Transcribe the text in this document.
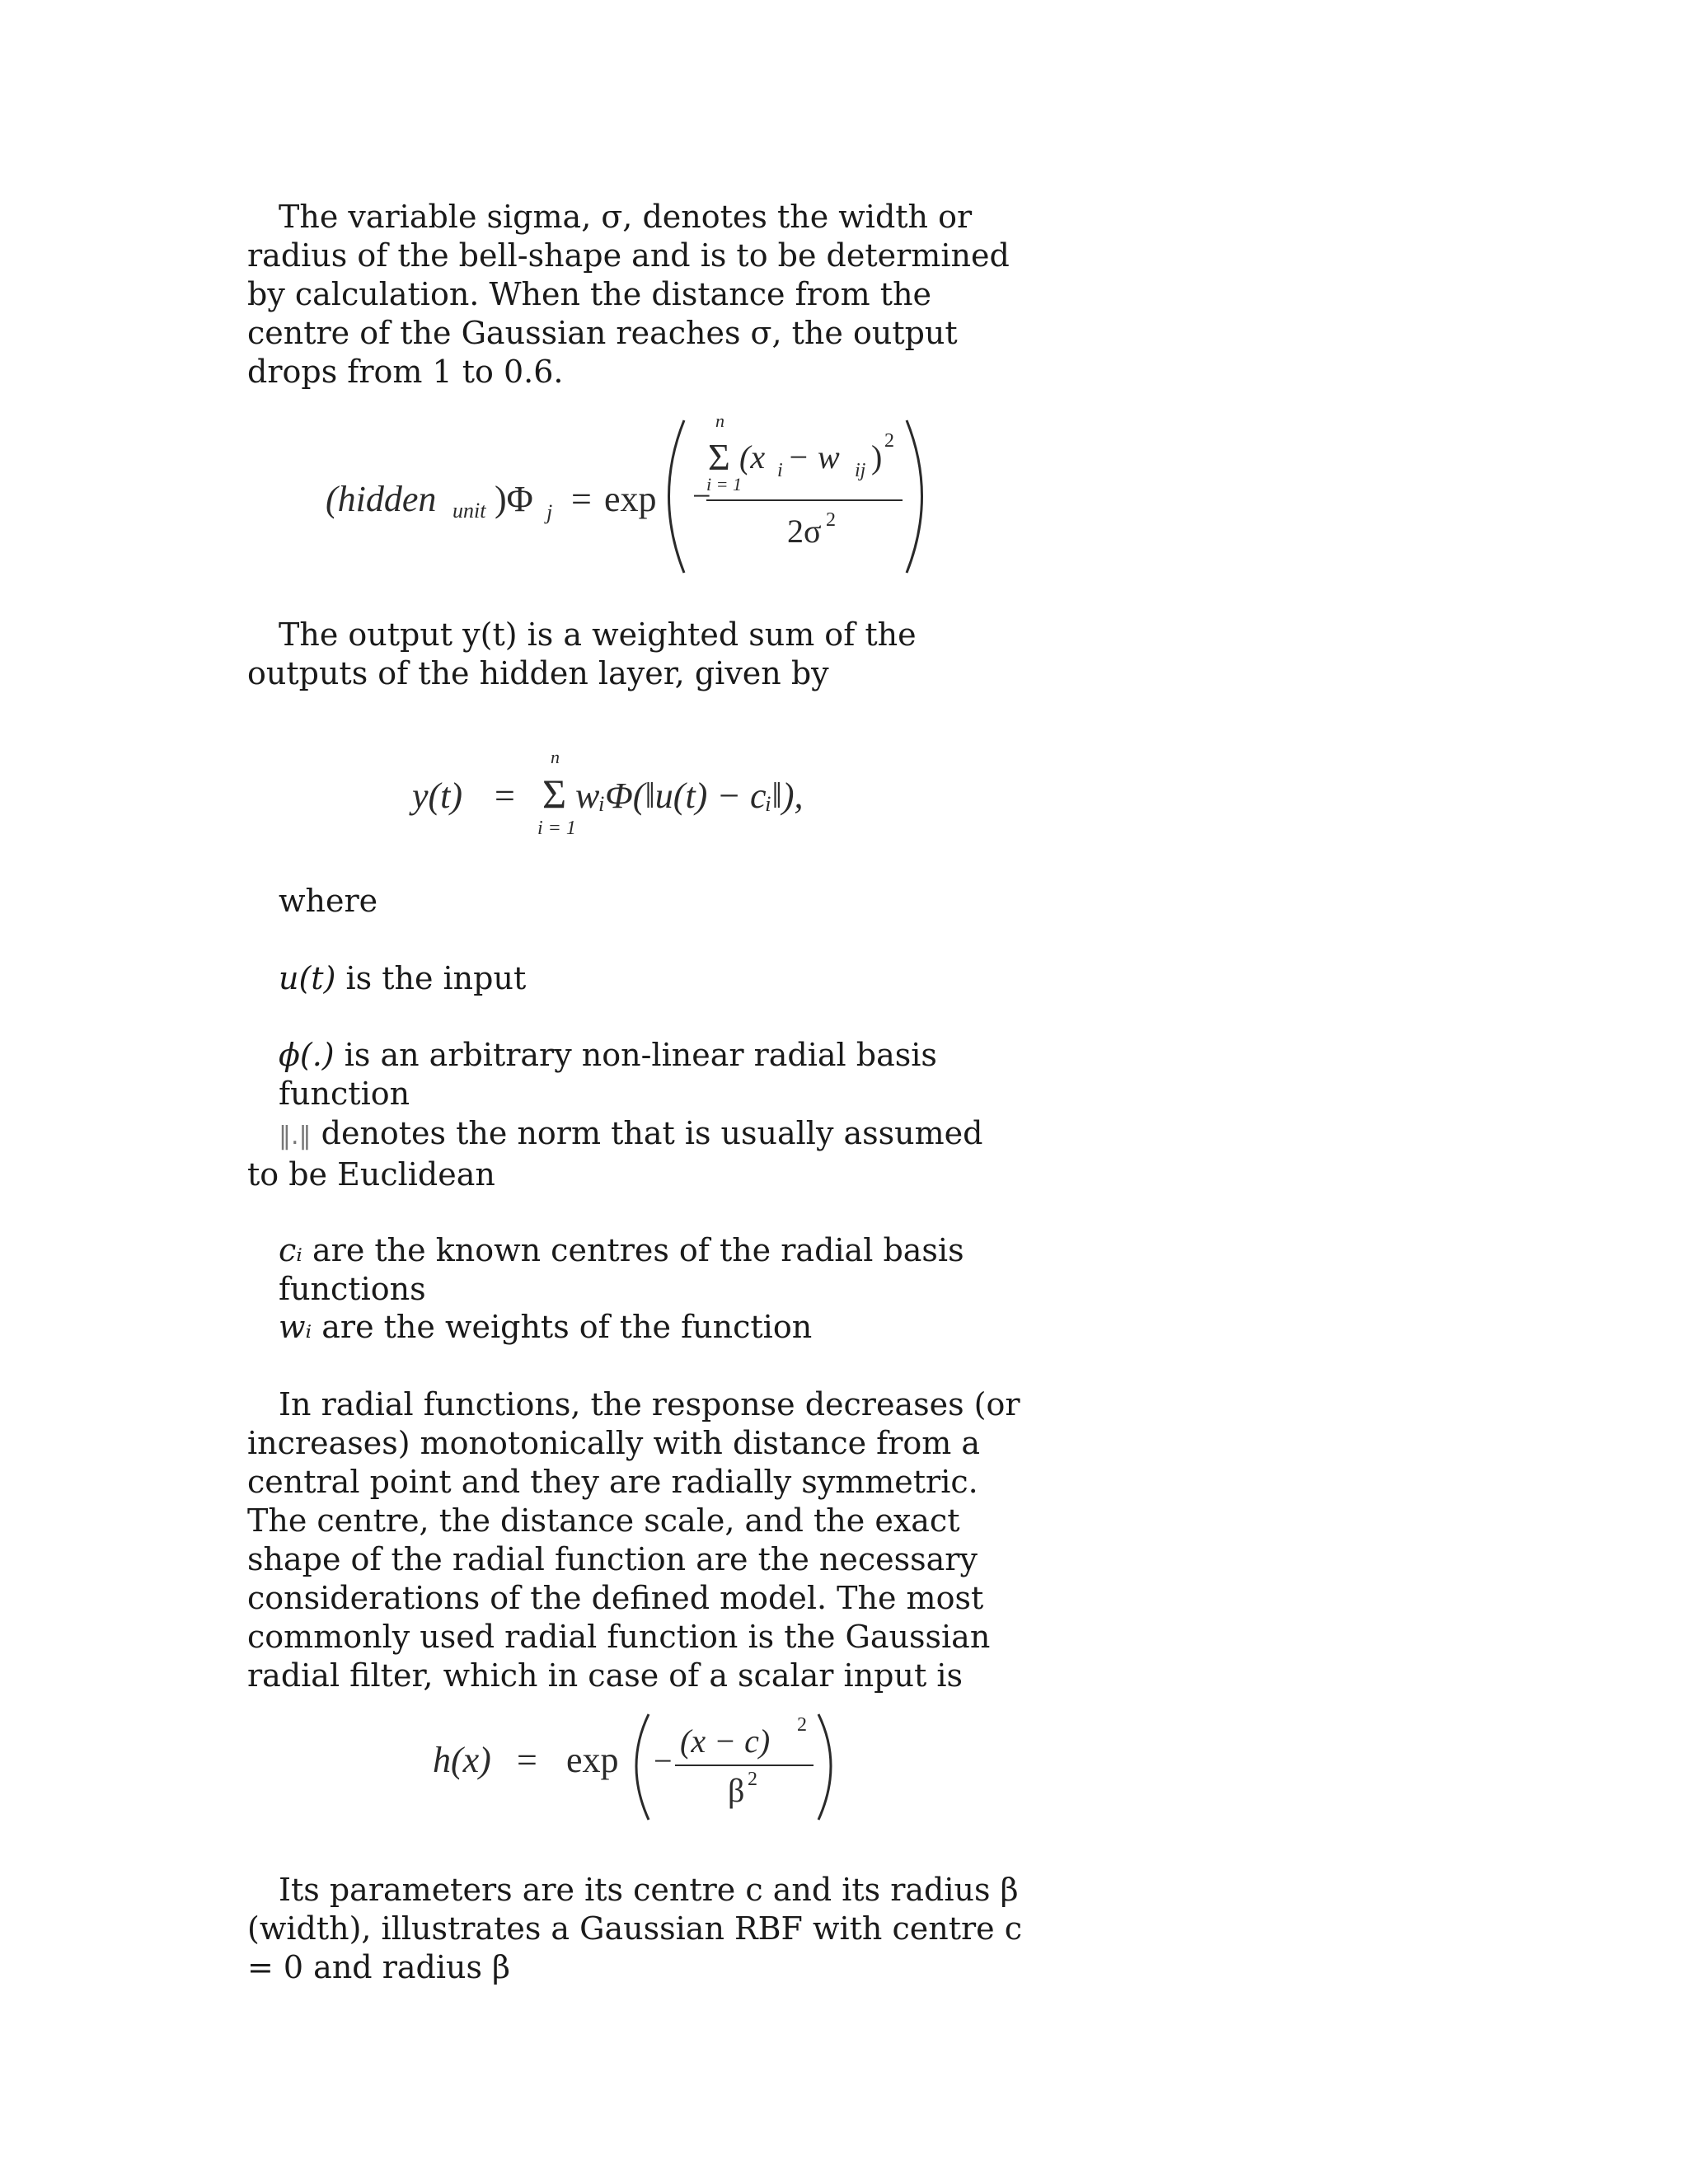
The variable sigma, σ, denotes the width or radius of the bell-shape and is to be determined by calculation. When the distance from the centre of the Gaussian reaches σ, the output drops from 1 to 0.6.

(hidden unit )Φ j = exp −
n
Σ
i = 1
(x i − w ij ) 2
2σ 2

The output y(t) is a weighted sum of the outputs of the hidden layer, given by

y(t) =
n
Σ
i = 1
wᵢΦ(‖u(t) − cᵢ‖),

where

u(t) is the input

ϕ(.) is an arbitrary non-linear radial basis function

‖.‖ denotes the norm that is usually assumed to be Euclidean

cᵢ are the known centres of the radial basis functions

wᵢ are the weights of the function

In radial functions, the response decreases (or increases) monotonically with distance from a central point and they are radially symmetric. The centre, the distance scale, and the exact shape of the radial function are the necessary considerations of the defined model. The most commonly used radial function is the Gaussian radial filter, which in case of a scalar input is

h(x) = exp −
(x − c) 2
β 2

Its parameters are its centre c and its radius β (width), illustrates a Gaussian RBF with centre c = 0 and radius β
